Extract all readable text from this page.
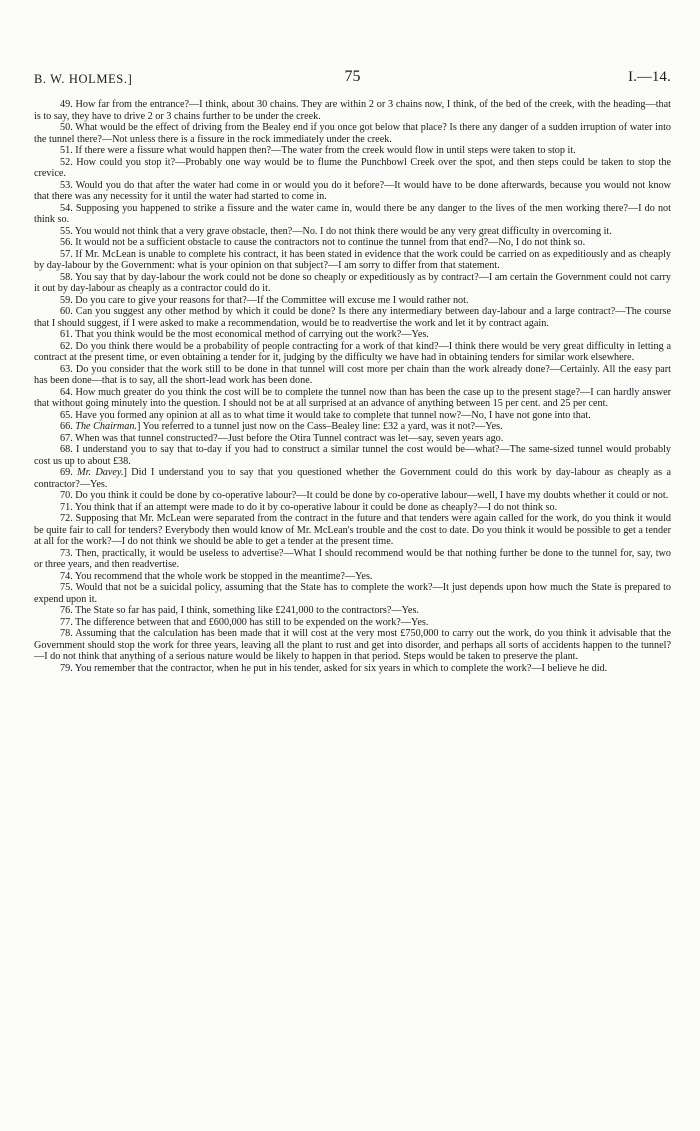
B. W. HOLMES.]	75	I.—14.

49. How far from the entrance?—I think, about 30 chains. They are within 2 or 3 chains now, I think, of the bed of the creek, with the heading—that is to say, they have to drive 2 or 3 chains further to be under the creek.

50. What would be the effect of driving from the Bealey end if you once got below that place? Is there any danger of a sudden irruption of water into the tunnel there?—Not unless there is a fissure in the rock immediately under the creek.

51. If there were a fissure what would happen then?—The water from the creek would flow in until steps were taken to stop it.

52. How could you stop it?—Probably one way would be to flume the Punchbowl Creek over the spot, and then steps could be taken to stop the crevice.

53. Would you do that after the water had come in or would you do it before?—It would have to be done afterwards, because you would not know that there was any necessity for it until the water had started to come in.

54. Supposing you happened to strike a fissure and the water came in, would there be any danger to the lives of the men working there?—I do not think so.

55. You would not think that a very grave obstacle, then?—No. I do not think there would be any very great difficulty in overcoming it.

56. It would not be a sufficient obstacle to cause the contractors not to continue the tunnel from that end?—No, I do not think so.

57. If Mr. McLean is unable to complete his contract, it has been stated in evidence that the work could be carried on as expeditiously and as cheaply by day-labour by the Government: what is your opinion on that subject?—I am sorry to differ from that statement.

58. You say that by day-labour the work could not be done so cheaply or expeditiously as by contract?—I am certain the Government could not carry it out by day-labour as cheaply as a contractor could do it.

59. Do you care to give your reasons for that?—If the Committee will excuse me I would rather not.

60. Can you suggest any other method by which it could be done? Is there any intermediary between day-labour and a large contract?—The course that I should suggest, if I were asked to make a recommendation, would be to readvertise the work and let it by contract again.

61. That you think would be the most economical method of carrying out the work?—Yes.

62. Do you think there would be a probability of people contracting for a work of that kind?—I think there would be very great difficulty in letting a contract at the present time, or even obtaining a tender for it, judging by the difficulty we have had in obtaining tenders for similar work elsewhere.

63. Do you consider that the work still to be done in that tunnel will cost more per chain than the work already done?—Certainly. All the easy part has been done—that is to say, all the short-lead work has been done.

64. How much greater do you think the cost will be to complete the tunnel now than has been the case up to the present stage?—I can hardly answer that without going minutely into the question. I should not be at all surprised at an advance of anything between 15 per cent. and 25 per cent.

65. Have you formed any opinion at all as to what time it would take to complete that tunnel now?—No, I have not gone into that.

66. The Chairman.] You referred to a tunnel just now on the Cass–Bealey line: £32 a yard, was it not?—Yes.

67. When was that tunnel constructed?—Just before the Otira Tunnel contract was let—say, seven years ago.

68. I understand you to say that to-day if you had to construct a similar tunnel the cost would be—what?—The same-sized tunnel would probably cost us up to about £38.

69. Mr. Davey.] Did I understand you to say that you questioned whether the Government could do this work by day-labour as cheaply as a contractor?—Yes.

70. Do you think it could be done by co-operative labour?—It could be done by co-operative labour—well, I have my doubts whether it could or not.

71. You think that if an attempt were made to do it by co-operative labour it could be done as cheaply?—I do not think so.

72. Supposing that Mr. McLean were separated from the contract in the future and that tenders were again called for the work, do you think it would be quite fair to call for tenders? Everybody then would know of Mr. McLean's trouble and the cost to date. Do you think it would be possible to get a tender at all for the work?—I do not think we should be able to get a tender at the present time.

73. Then, practically, it would be useless to advertise?—What I should recommend would be that nothing further be done to the tunnel for, say, two or three years, and then readvertise.

74. You recommend that the whole work be stopped in the meantime?—Yes.

75. Would that not be a suicidal policy, assuming that the State has to complete the work?—It just depends upon how much the State is prepared to expend upon it.

76. The State so far has paid, I think, something like £241,000 to the contractors?—Yes.

77. The difference between that and £600,000 has still to be expended on the work?—Yes.

78. Assuming that the calculation has been made that it will cost at the very most £750,000 to carry out the work, do you think it advisable that the Government should stop the work for three years, leaving all the plant to rust and get into disorder, and perhaps all sorts of accidents happen to the tunnel?—I do not think that anything of a serious nature would be likely to happen in that period. Steps would be taken to preserve the plant.

79. You remember that the contractor, when he put in his tender, asked for six years in which to complete the work?—I believe he did.
